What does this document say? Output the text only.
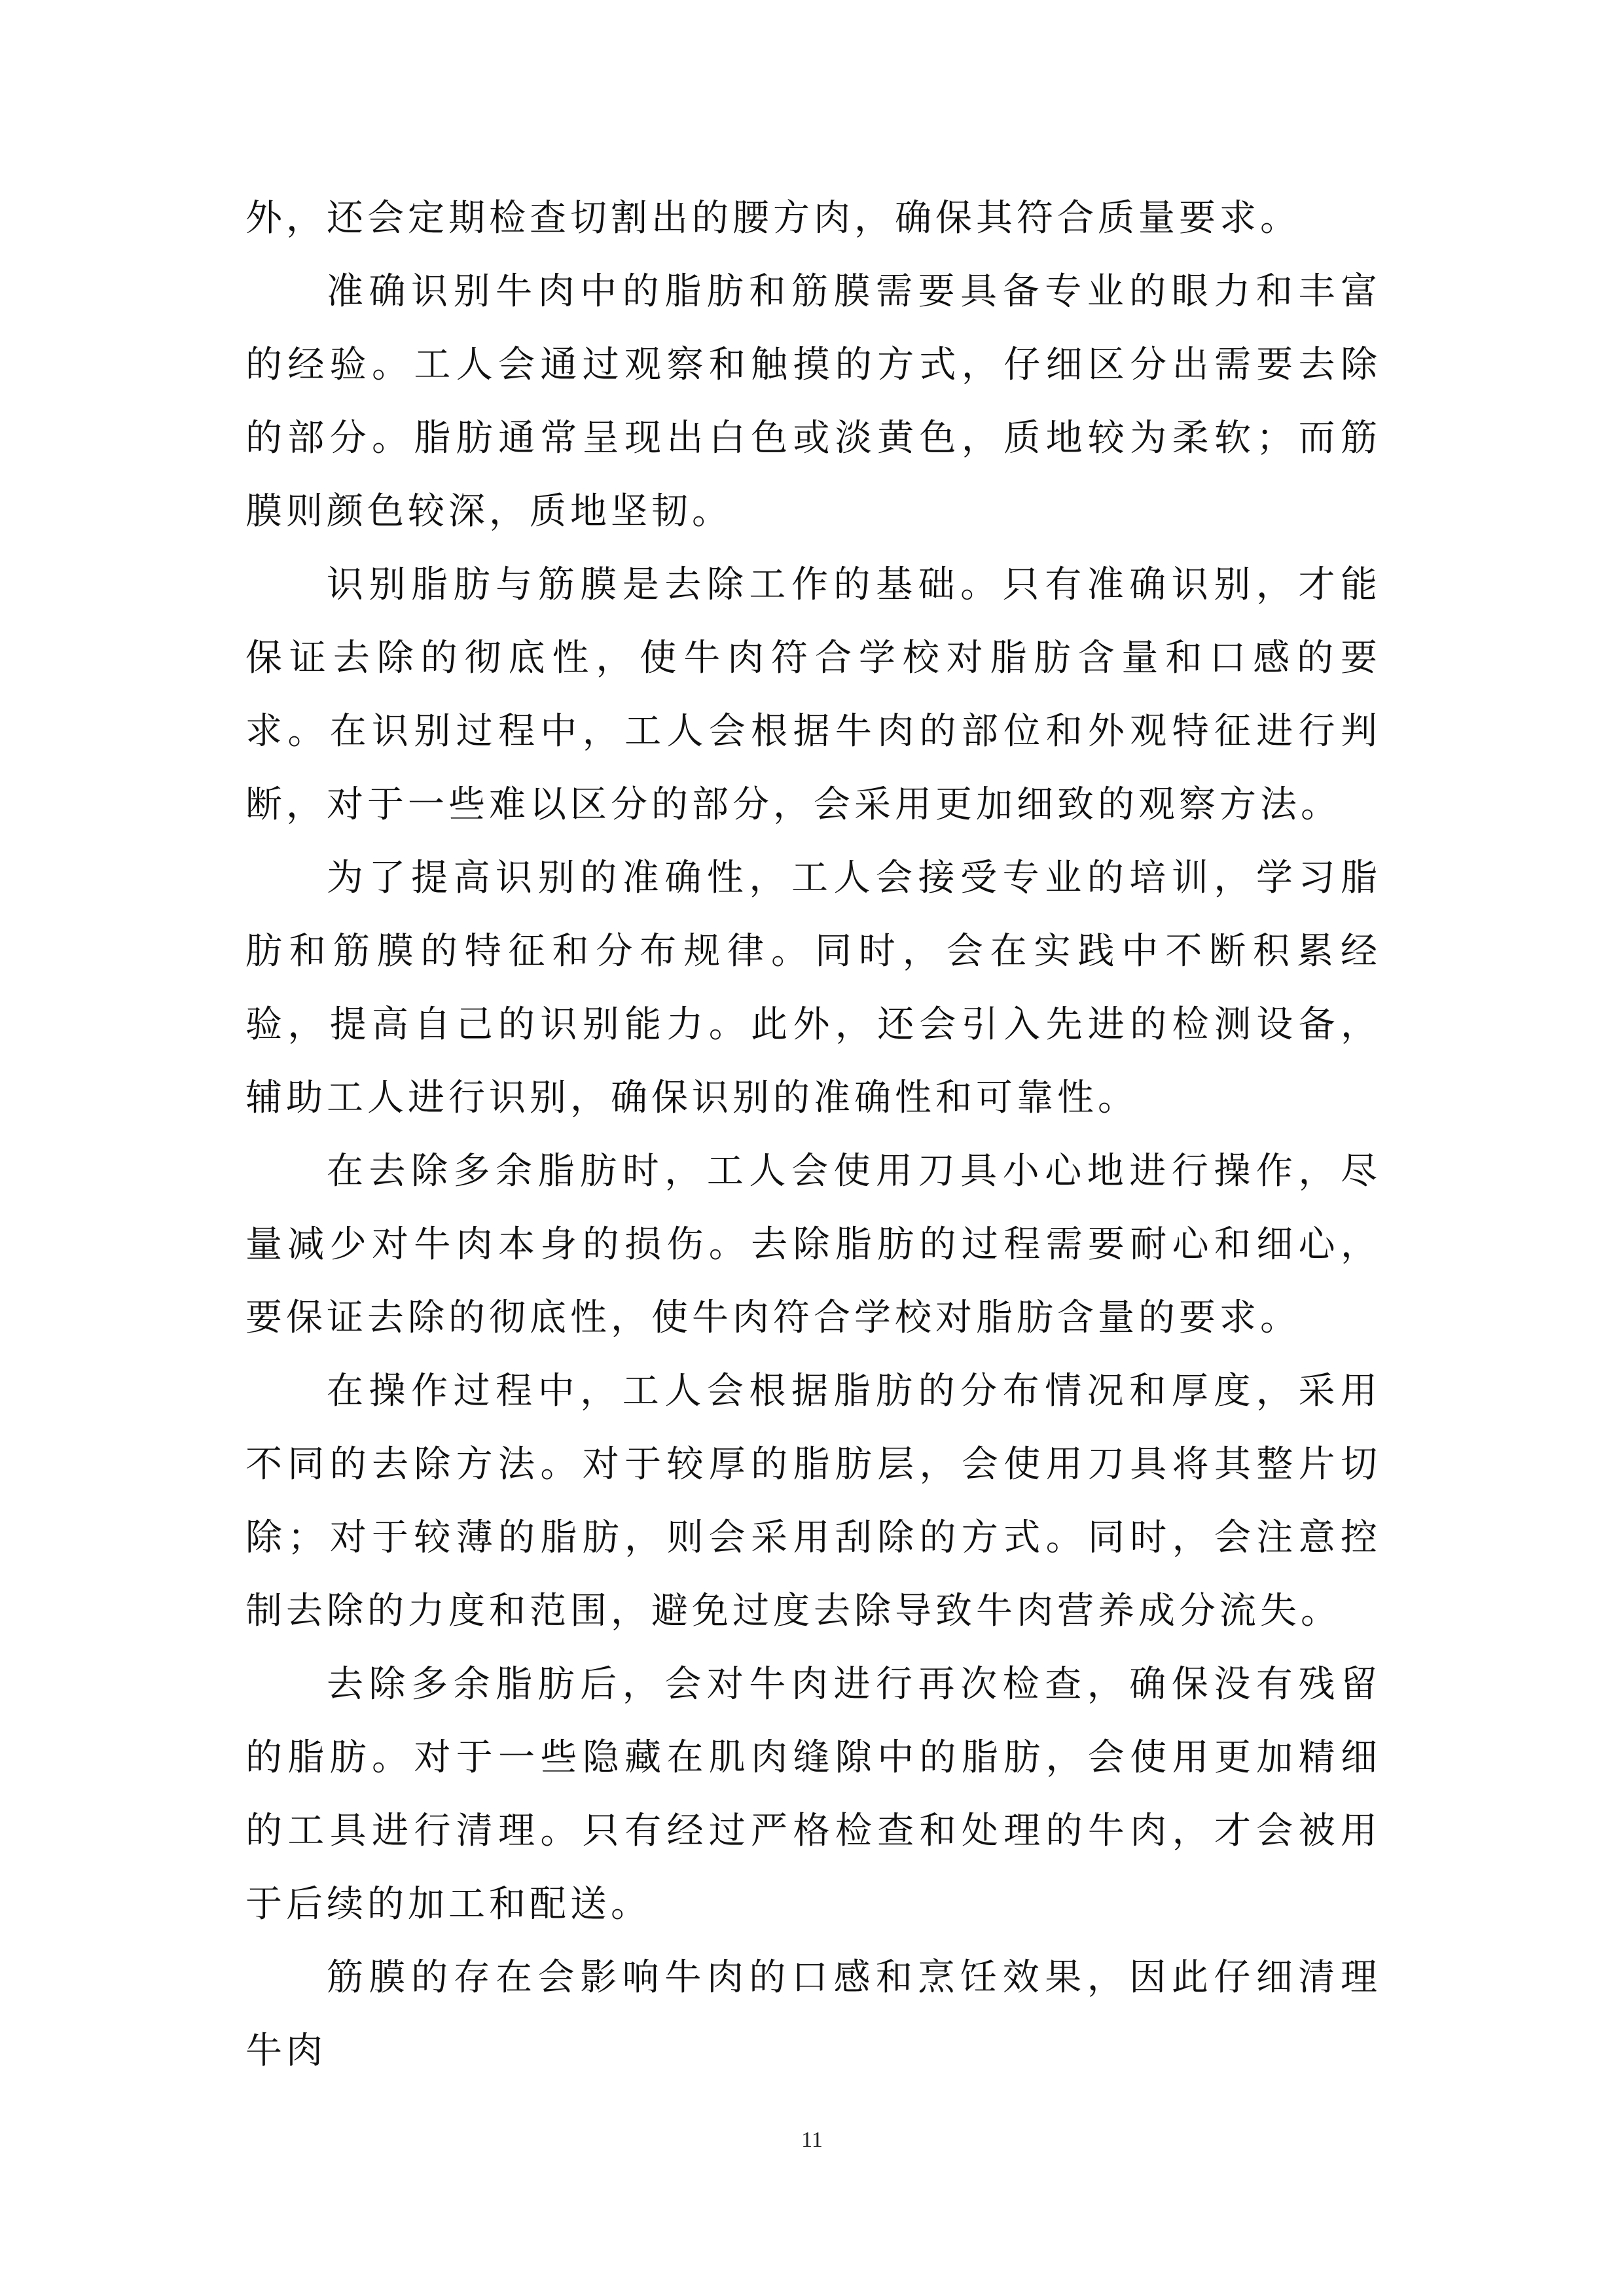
外，还会定期检查切割出的腰方肉，确保其符合质量要求。

准确识别牛肉中的脂肪和筋膜需要具备专业的眼力和丰富的经验。工人会通过观察和触摸的方式，仔细区分出需要去除的部分。脂肪通常呈现出白色或淡黄色，质地较为柔软；而筋膜则颜色较深，质地坚韧。

识别脂肪与筋膜是去除工作的基础。只有准确识别，才能保证去除的彻底性，使牛肉符合学校对脂肪含量和口感的要求。在识别过程中，工人会根据牛肉的部位和外观特征进行判断，对于一些难以区分的部分，会采用更加细致的观察方法。

为了提高识别的准确性，工人会接受专业的培训，学习脂肪和筋膜的特征和分布规律。同时，会在实践中不断积累经验，提高自己的识别能力。此外，还会引入先进的检测设备，辅助工人进行识别，确保识别的准确性和可靠性。

在去除多余脂肪时，工人会使用刀具小心地进行操作，尽量减少对牛肉本身的损伤。去除脂肪的过程需要耐心和细心，要保证去除的彻底性，使牛肉符合学校对脂肪含量的要求。

在操作过程中，工人会根据脂肪的分布情况和厚度，采用不同的去除方法。对于较厚的脂肪层，会使用刀具将其整片切除；对于较薄的脂肪，则会采用刮除的方式。同时，会注意控制去除的力度和范围，避免过度去除导致牛肉营养成分流失。

去除多余脂肪后，会对牛肉进行再次检查，确保没有残留的脂肪。对于一些隐藏在肌肉缝隙中的脂肪，会使用更加精细的工具进行清理。只有经过严格检查和处理的牛肉，才会被用于后续的加工和配送。

筋膜的存在会影响牛肉的口感和烹饪效果，因此仔细清理牛肉

11
